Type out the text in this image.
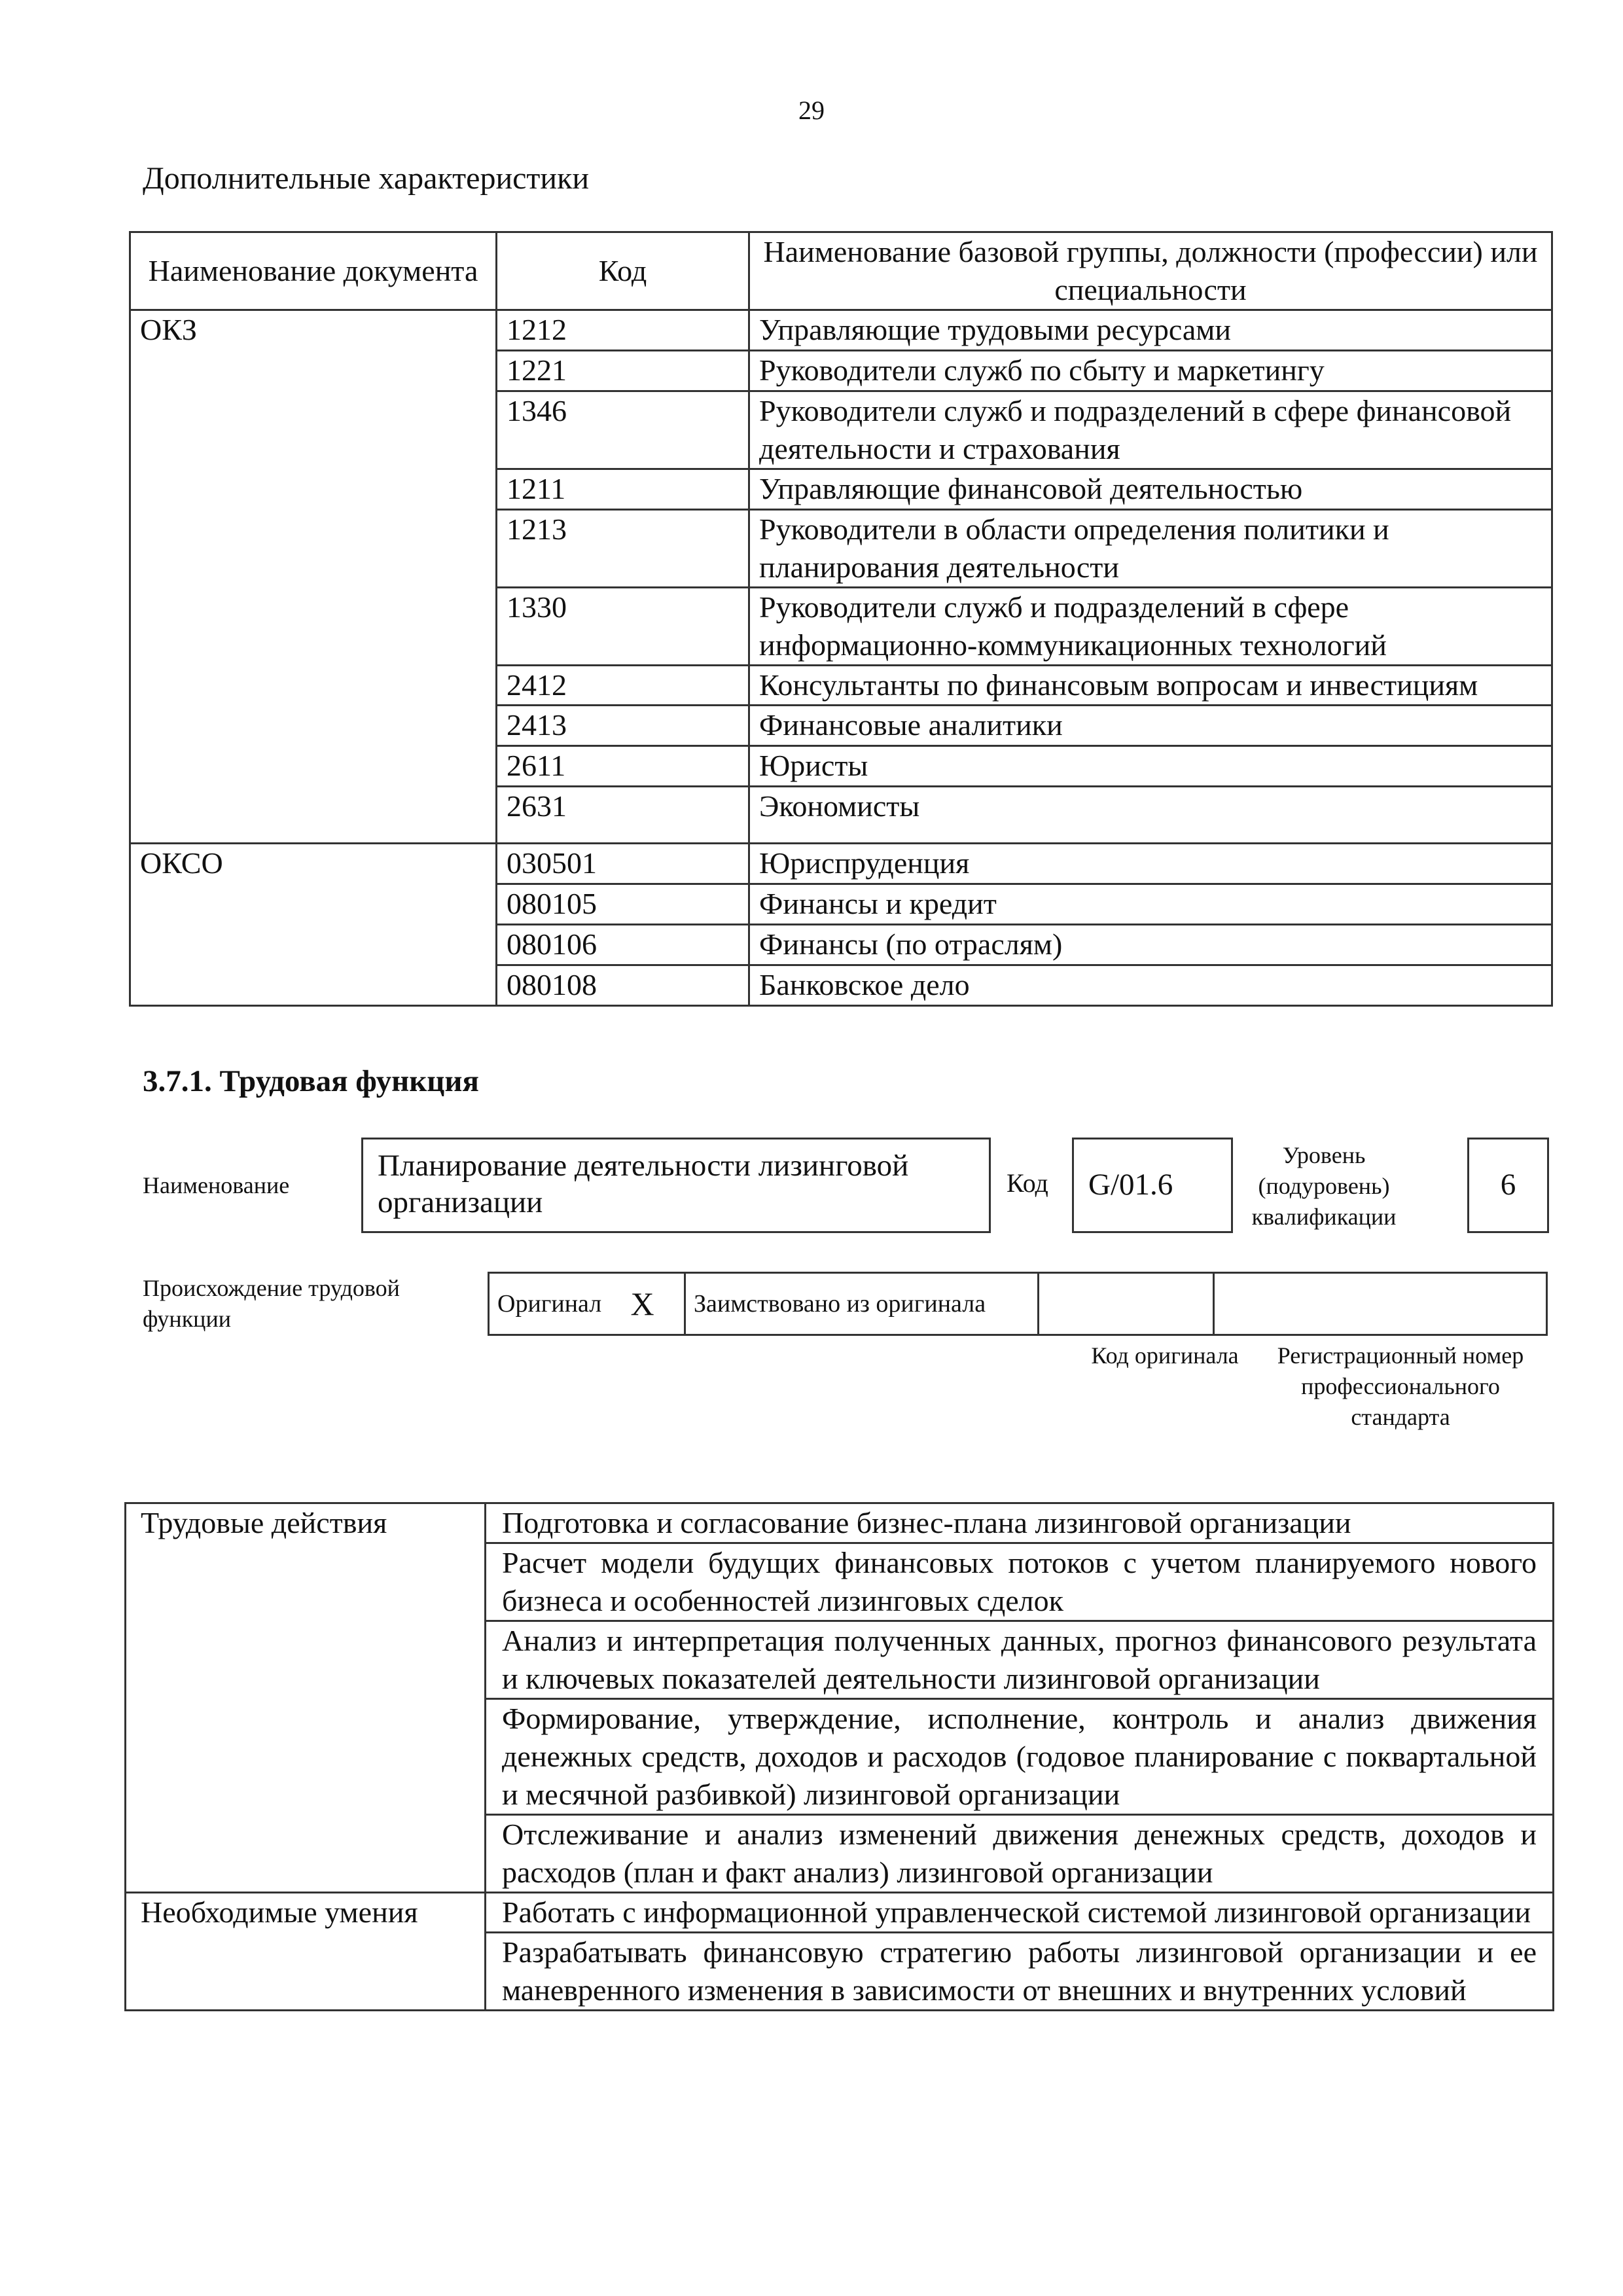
29
Дополнительные характеристики
Наименование документа	Код	Наименование базовой группы, должности (профессии) или специальности
ОКЗ	1212	Управляющие трудовыми ресурсами
	1221	Руководители служб по сбыту и маркетингу
	1346	Руководители служб и подразделений в сфере финансовой деятельности и страхования
	1211	Управляющие финансовой деятельностью
	1213	Руководители в области определения политики и планирования деятельности
	1330	Руководители служб и подразделений в сфере информационно-коммуникационных технологий
	2412	Консультанты по финансовым вопросам и инвестициям
	2413	Финансовые аналитики
	2611	Юристы
	2631	Экономисты
ОКСО	030501	Юриспруденция
	080105	Финансы и кредит
	080106	Финансы (по отраслям)
	080108	Банковское дело
3.7.1. Трудовая функция
Наименование
Планирование деятельности лизинговой организации
Код	G/01.6
Уровень (подуровень) квалификации
6
Происхождение трудовой функции
Оригинал	X	Заимствовано из оригинала		
Код оригинала	Регистрационный номер профессионального стандарта
Трудовые действия	Подготовка и согласование бизнес-плана лизинговой организации
	Расчет модели будущих финансовых потоков с учетом планируемого нового бизнеса и особенностей лизинговых сделок
	Анализ и интерпретация полученных данных, прогноз финансового результата и ключевых показателей деятельности лизинговой организации
	Формирование, утверждение, исполнение, контроль и анализ движения денежных средств, доходов и расходов (годовое планирование с поквартальной и месячной разбивкой) лизинговой организации
	Отслеживание и анализ изменений движения денежных средств, доходов и расходов (план и факт анализ) лизинговой организации
Необходимые умения	Работать с информационной управленческой системой лизинговой организации
	Разрабатывать финансовую стратегию работы лизинговой организации и ее маневренного изменения в зависимости от внешних и внутренних условий
